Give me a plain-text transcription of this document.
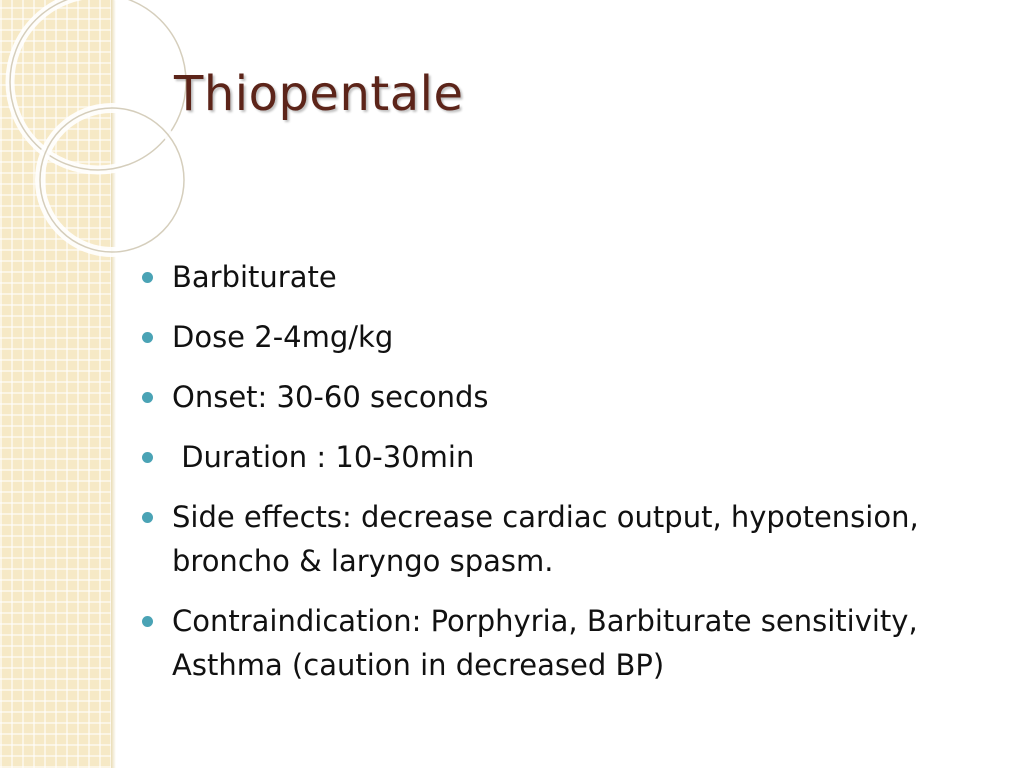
Thiopentale
Barbiturate
Dose 2-4mg/kg
Onset: 30-60 seconds
Duration : 10-30min
Side effects: decrease cardiac output, hypotension, broncho & laryngo spasm.
Contraindication: Porphyria, Barbiturate sensitivity, Asthma (caution in decreased BP)
